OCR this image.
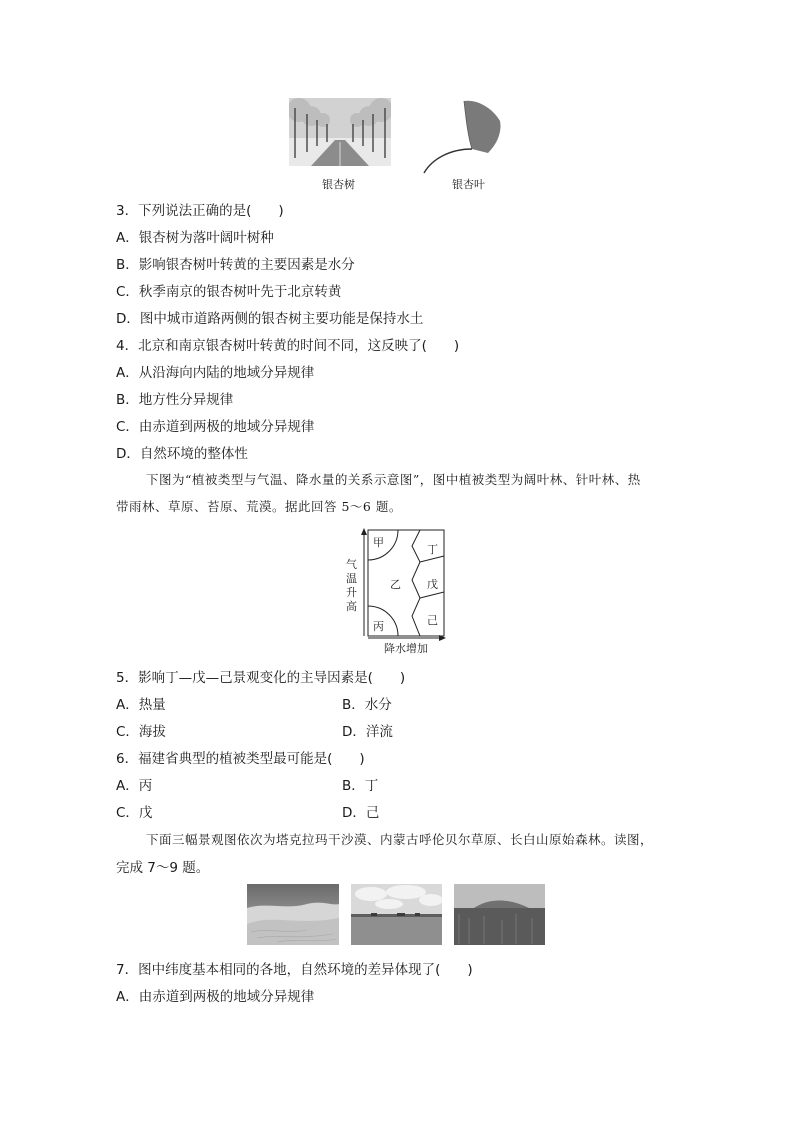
银杏树	银杏叶
3．下列说法正确的是(　　)
A．银杏树为落叶阔叶树种
B．影响银杏树叶转黄的主要因素是水分
C．秋季南京的银杏树叶先于北京转黄
D．图中城市道路两侧的银杏树主要功能是保持水土
4．北京和南京银杏树叶转黄的时间不同，这反映了(　　)
A．从沿海向内陆的地域分异规律
B．地方性分异规律
C．由赤道到两极的地域分异规律
D．自然环境的整体性
下图为“植被类型与气温、降水量的关系示意图”，图中植被类型为阔叶林、针叶林、热
带雨林、草原、苔原、荒漠。据此回答 5～6 题。
甲
乙
丙
丁
戊
己
气
温
升
高
降水增加
5．影响丁—戊—己景观变化的主导因素是(　　)
A．热量	B．水分
C．海拔	D．洋流
6．福建省典型的植被类型最可能是(　　)
A．丙	B．丁
C．戊	D．己
下面三幅景观图依次为塔克拉玛干沙漠、内蒙古呼伦贝尔草原、长白山原始森林。读图，
完成 7～9 题。
7．图中纬度基本相同的各地，自然环境的差异体现了(　　)
A．由赤道到两极的地域分异规律
